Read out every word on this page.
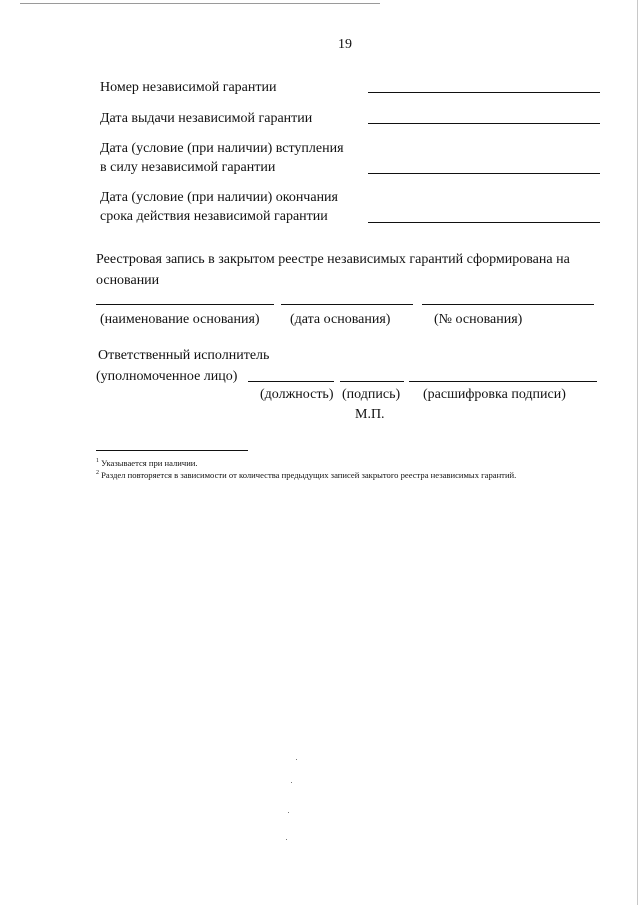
19
Номер независимой гарантии
Дата выдачи независимой гарантии
Дата (условие (при наличии) вступления
в силу независимой гарантии
Дата (условие (при наличии) окончания
срока действия независимой гарантии
Реестровая запись в закрытом реестре независимых гарантий сформирована на
основании
(наименование основания) (дата основания)	(№ основания)
Ответственный исполнитель
(уполномоченное лицо)
(должность) (подпись) (расшифровка подписи)
М.П.
$^1$ Указывается при наличии.
$^2$ Раздел повторяется в зависимости от количества предыдущих записей закрытого реестра независимых гарантий.
